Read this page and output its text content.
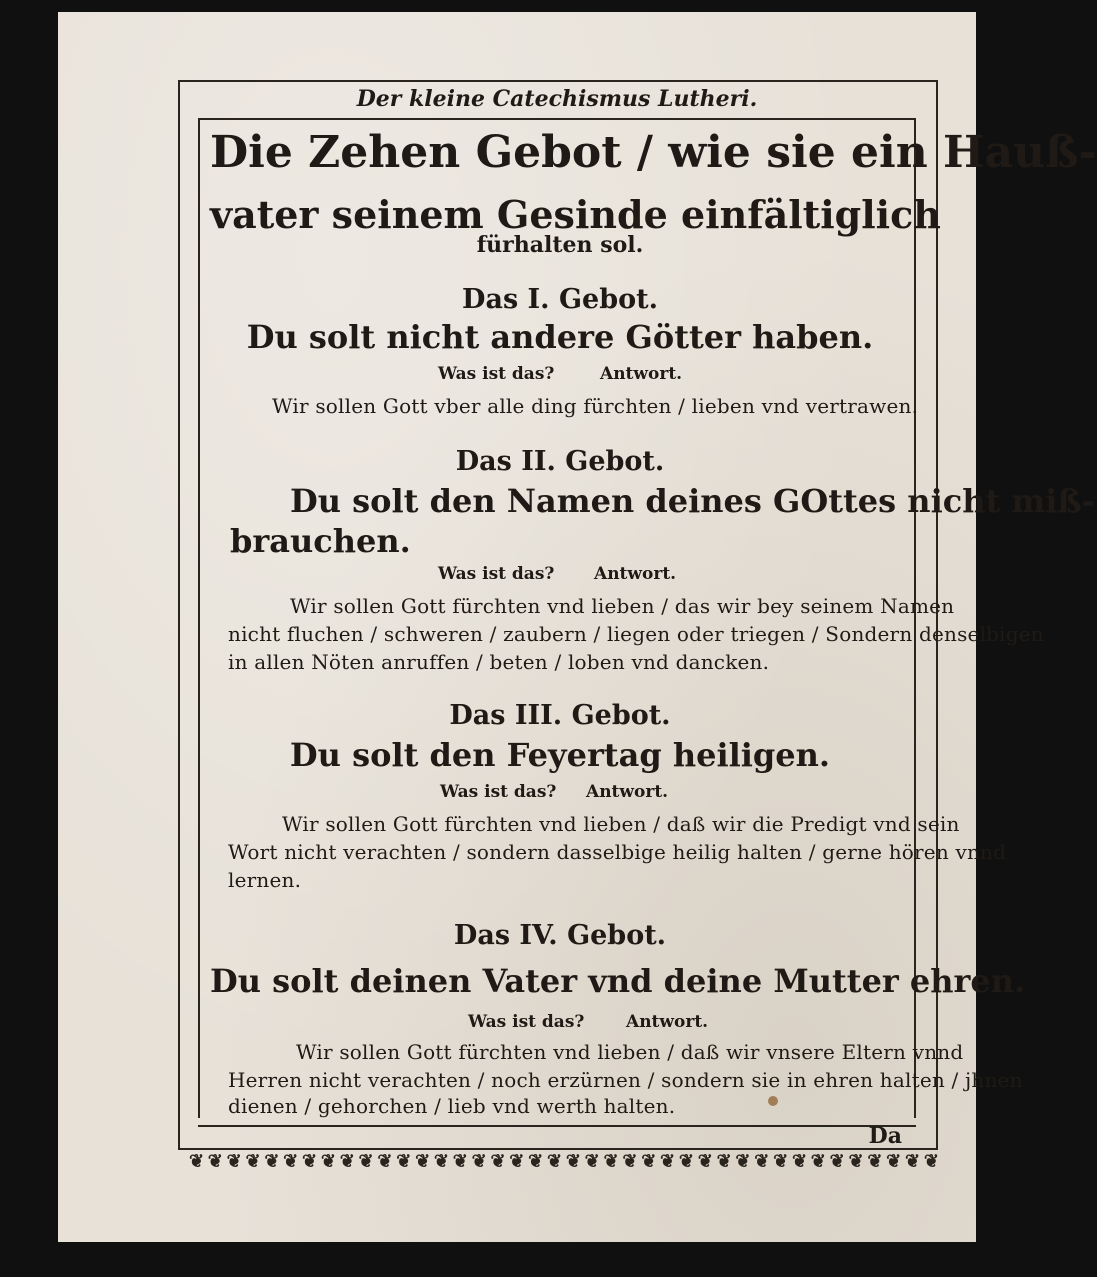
Der kleine Catechismus Lutheri.
Die Zehen Gebot / wie sie ein Hauß-
vater seinem Gesinde einfältiglich
fürhalten sol.
Das I. Gebot.
Du solt nicht andere Götter haben.
Was ist das?	Antwort.
Wir sollen Gott vber alle ding fürchten / lieben vnd vertrawen.
Das II. Gebot.
Du solt den Namen deines GOttes nicht miß-
brauchen.
Was ist das? Antwort.
Wir sollen Gott fürchten vnd lieben / das wir bey seinem Namen
nicht fluchen / schweren / zaubern / liegen oder triegen / Sondern denselbigen
in allen Nöten anruffen / beten / loben vnd dancken.
Das III. Gebot.
Du solt den Feyertag heiligen.
Was ist das? Antwort.
Wir sollen Gott fürchten vnd lieben / daß wir die Predigt vnd sein
Wort nicht verachten / sondern dasselbige heilig halten / gerne hören vnnd
lernen.
Das IV. Gebot.
Du solt deinen Vater vnd deine Mutter ehren.
Was ist das? Antwort.
Wir sollen Gott fürchten vnd lieben / daß wir vnsere Eltern vnnd
Herren nicht verachten / noch erzürnen / sondern sie in ehren halten / jhnen
dienen / gehorchen / lieb vnd werth halten.
Da
❦ ❦ ❦ ❦ ❦ ❦ ❦ ❦ ❦ ❦ ❦ ❦ ❦ ❦ ❦ ❦ ❦ ❦ ❦ ❦ ❦ ❦ ❦ ❦ ❦ ❦ ❦ ❦ ❦ ❦ ❦ ❦ ❦ ❦ ❦ ❦ ❦ ❦ ❦ ❦
